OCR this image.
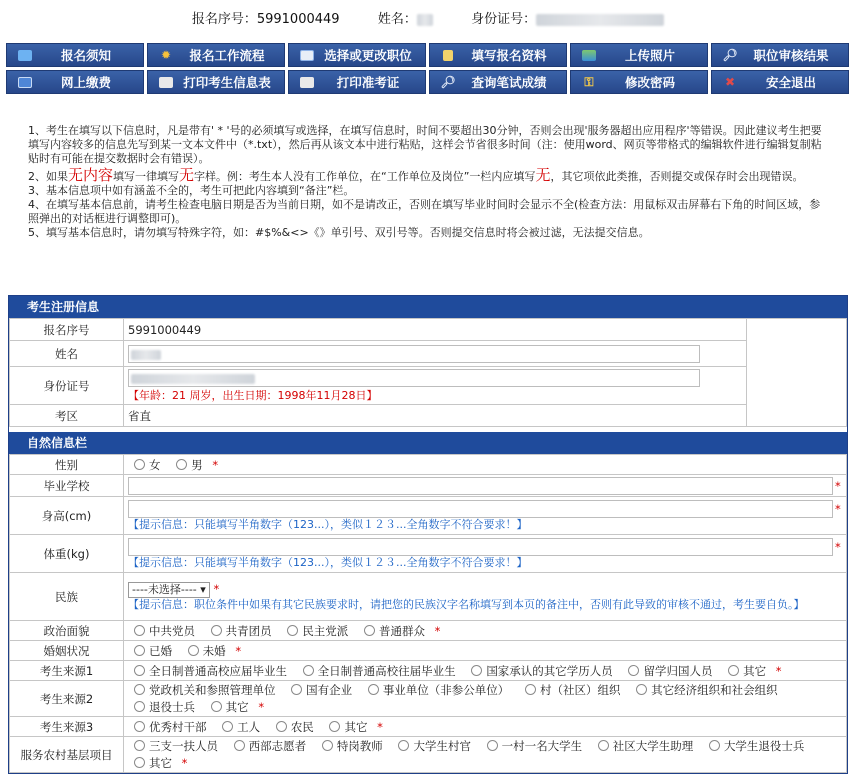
报名序号：5991000449	姓名：	身份证号：
报名须知	✹	报名工作流程	选择或更改职位	填写报名资料	上传照片	🔎︎	职位审核结果
网上缴费	打印考生信息表	打印准考证	🔎︎	查询笔试成绩	⚿	修改密码	✖	安全退出

1、考生在填写以下信息时，凡是带有' * '号的必须填写或选择，在填写信息时，时间不要超出30分钟，否则会出现'服务器超出应用程序'等错误。因此建议考生把要填写内容较多的信息先写到某一文本文件中（*.txt），然后再从该文本中进行粘贴，这样会节省很多时间（注：使用word、网页等带格式的编辑软件进行编辑复制粘贴时有可能在提交数据时会有错误）。

2、如果无内容填写一律填写无字样。例：考生本人没有工作单位，在“工作单位及岗位”一栏内应填写无，其它项依此类推，否则提交或保存时会出现错误。

3、基本信息项中如有涵盖不全的，考生可把此内容填到“备注”栏。

4、在填写基本信息前，请考生检查电脑日期是否为当前日期，如不是请改正，否则在填写毕业时间时会显示不全(检查方法：用鼠标双击屏幕右下角的时间区域，参照弹出的对话框进行调整即可)。

5、填写基本信息时，请勿填写特殊字符，如：#$%&<>《》单引号、双引号等。否则提交信息时将会被过滤，无法提交信息。

考生注册信息
报名序号	5991000449	
姓名		

身份证号	【年龄：21 周岁，出生日期：1998年11月28日】	

考区	省直	
自然信息栏
性别	女 男 *
毕业学校	*

身高(cm)	*
【提示信息：只能填写半角数字（123...），类似１２３...全角数字不符合要求！】

体重(kg)	*
【提示信息：只能填写半角数字（123...），类似１２３...全角数字不符合要求！】

民族	----未选择---- ▾ *
【提示信息：职位条件中如果有其它民族要求时，请把您的民族汉字名称填写到本页的备注中，否则有此导致的审核不通过，考生要自负。】

政治面貌	中共党员 共青团员 民主党派 普通群众 *
婚姻状况	已婚 未婚 *
考生来源1	全日制普通高校应届毕业生 全日制普通高校往届毕业生 国家承认的其它学历人员 留学归国人员 其它 *
考生来源2	党政机关和参照管理单位 国有企业 事业单位（非参公单位） 村（社区）组织 其它经济组织和社会组织 退役士兵 其它 *
考生来源3	优秀村干部 工人 农民 其它 *
服务农村基层项目	三支一扶人员 西部志愿者 特岗教师 大学生村官 一村一名大学生 社区大学生助理 大学生退役士兵 其它 *
